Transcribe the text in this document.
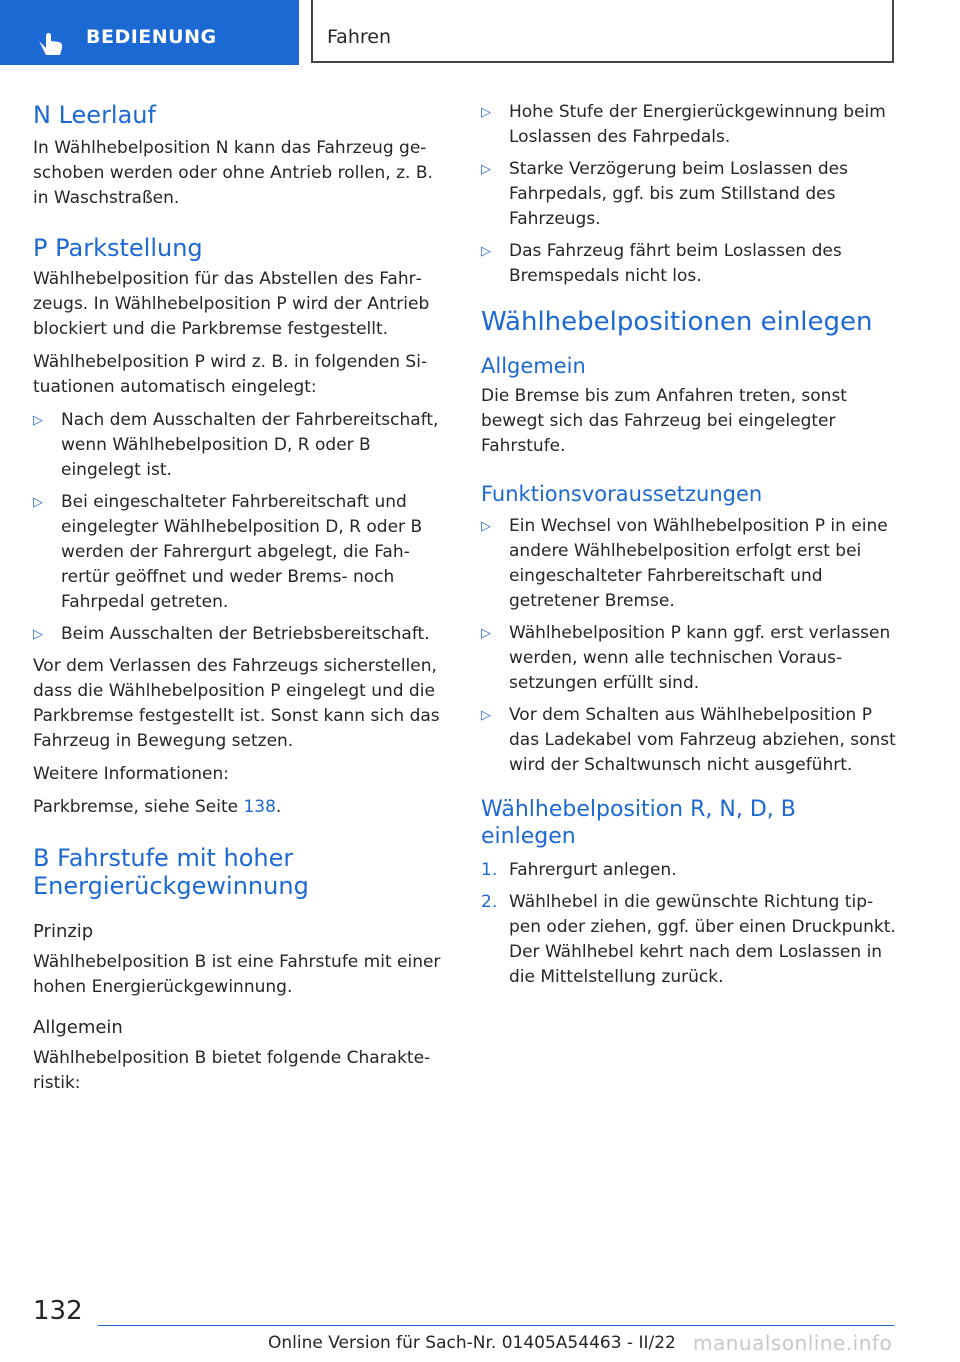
BEDIENUNG	Fahren
N Leerlauf

In Wählhebelposition N kann das Fahrzeug geschoben werden oder ohne Antrieb rollen, z. B. in Waschstraßen.

P Parkstellung

Wählhebelposition für das Abstellen des Fahrzeugs. In Wählhebelposition P wird der Antrieb blockiert und die Parkbremse festgestellt.

Wählhebelposition P wird z. B. in folgenden Situationen automatisch eingelegt:

▷ Nach dem Ausschalten der Fahrbereitschaft, wenn Wählhebelposition D, R oder B eingelegt ist.
▷ Bei eingeschalteter Fahrbereitschaft und eingelegter Wählhebelposition D, R oder B werden der Fahrergurt abgelegt, die Fahrertür geöffnet und weder Brems- noch Fahrpedal getreten.
▷ Beim Ausschalten der Betriebsbereitschaft.

Vor dem Verlassen des Fahrzeugs sicherstellen, dass die Wählhebelposition P eingelegt und die Parkbremse festgestellt ist. Sonst kann sich das Fahrzeug in Bewegung setzen.

Weitere Informationen:

Parkbremse, siehe Seite 138.

B Fahrstufe mit hoher Energierückgewinnung
Prinzip

Wählhebelposition B ist eine Fahrstufe mit einer hohen Energierückgewinnung.

Allgemein

Wählhebelposition B bietet folgende Charakteristik:

▷ Hohe Stufe der Energierückgewinnung beim Loslassen des Fahrpedals.
▷ Starke Verzögerung beim Loslassen des Fahrpedals, ggf. bis zum Stillstand des Fahrzeugs.
▷ Das Fahrzeug fährt beim Loslassen des Bremspedals nicht los.
Wählhebelpositionen einlegen
Allgemein

Die Bremse bis zum Anfahren treten, sonst bewegt sich das Fahrzeug bei eingelegter Fahrstufe.

Funktionsvoraussetzungen
▷ Ein Wechsel von Wählhebelposition P in eine andere Wählhebelposition erfolgt erst bei eingeschalteter Fahrbereitschaft und getretener Bremse.
▷ Wählhebelposition P kann ggf. erst verlassen werden, wenn alle technischen Voraussetzungen erfüllt sind.
▷ Vor dem Schalten aus Wählhebelposition P das Ladekabel vom Fahrzeug abziehen, sonst wird der Schaltwunsch nicht ausgeführt.
Wählhebelposition R, N, D, B einlegen
1. Fahrergurt anlegen.
2. Wählhebel in die gewünschte Richtung tippen oder ziehen, ggf. über einen Druckpunkt. Der Wählhebel kehrt nach dem Loslassen in die Mittelstellung zurück.
132
Online Version für Sach-Nr. 01405A54463 - II/22 manualsonline.info
